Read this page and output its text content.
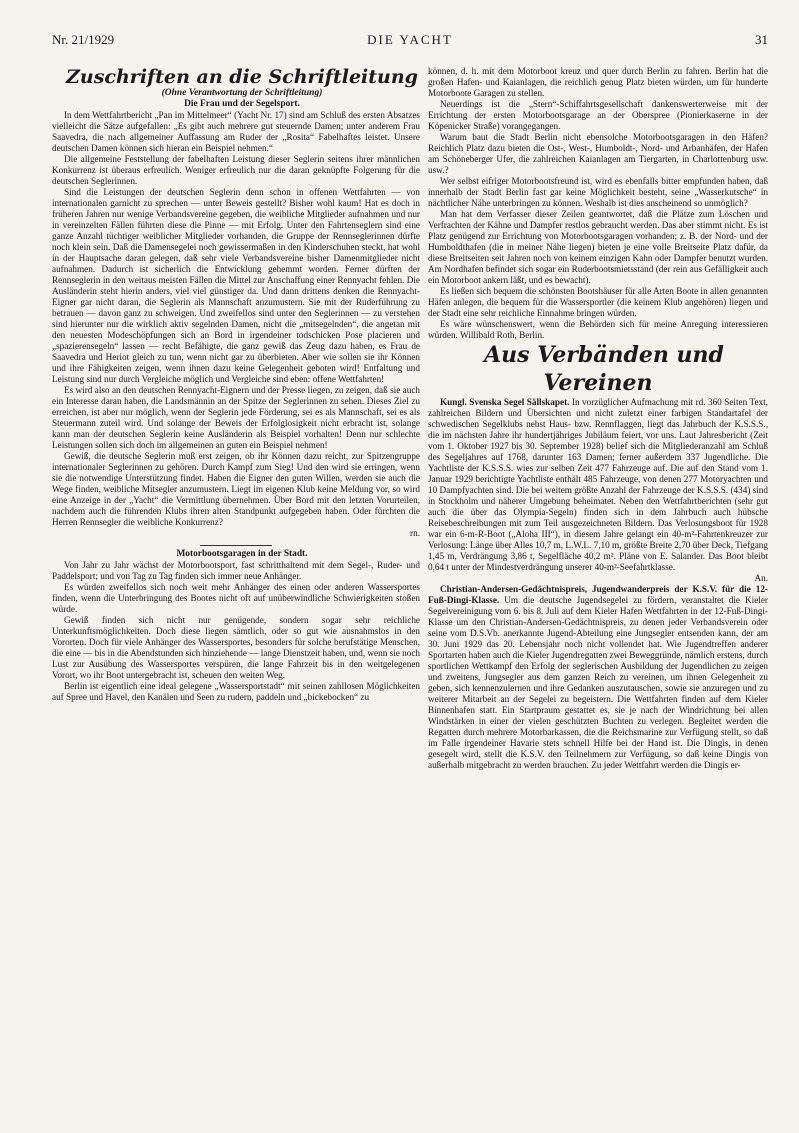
Nr. 21/1929	DIE YACHT	31

Zuschriften an die Schriftleitung

(Ohne Verantwortung der Schriftleitung)

Die Frau und der Segelsport.

In dem Wettfahrtbericht „Pan im Mittelmeer“ (Yacht Nr. 17) sind am Schluß des ersten Absatzes vielleicht die Sätze aufgefallen: „Es gibt auch mehrere gut steuernde Damen; unter anderem Frau Saavedra, die nach allgemeiner Auffassung am Ruder der „Rosita“ Fabelhaftes leistet. Unsere deutschen Damen können sich hieran ein Beispiel nehmen.“

Die allgemeine Feststellung der fabelhaften Leistung dieser Seglerin seitens ihrer männlichen Konkurrenz ist überaus erfreulich. Weniger erfreulich nur die daran geknüpfte Folgerung für die deutschen Seglerinnen.

Sind die Leistungen der deutschen Seglerin denn schon in offenen Wettfahrten — von internationalen garnicht zu sprechen — unter Beweis gestellt? Bisher wohl kaum! Hat es doch in früheren Jahren nur wenige Verbandsvereine gegeben, die weibliche Mitglieder aufnahmen und nur in vereinzelten Fällen führten diese die Pinne — mit Erfolg. Unter den Fahrtenseglern sind eine ganze Anzahl tüchtiger weiblicher Mitglieder vorhanden, die Gruppe der Rennseglerinnen dürfte noch klein sein. Daß die Damensegelei noch gewissermaßen in den Kinderschuhen steckt, hat wohl in der Hauptsache daran gelegen, daß sehr viele Verbandsvereine bisher Damenmitglieder nicht aufnahmen. Dadurch ist sicherlich die Entwicklung gehemmt worden. Ferner dürften der Rennseglerin in den weitaus meisten Fällen die Mittel zur Anschaffung einer Rennyacht fehlen. Die Ausländerin steht hierin anders, viel viel günstiger da. Und dann drittens denken die Rennyacht-Eigner gar nicht daran, die Seglerin als Mannschaft anzumustern. Sie mit der Ruderführung zu betrauen — davon ganz zu schweigen. Und zweifellos sind unter den Seglerinnen — zu verstehen sind hierunter nur die wirklich aktiv segelnden Damen, nicht die „mitsegelnden“, die angetan mit den neuesten Modeschöpfungen sich an Bord in irgendeiner todschicken Pose placieren und „spazierensegeln“ lassen — recht Befähigte, die ganz gewiß das Zeug dazu haben, es Frau de Saavedra und Heriot gleich zu tun, wenn nicht gar zu überbieten. Aber wie sollen sie ihr Können und ihre Fähigkeiten zeigen, wenn ihnen dazu keine Gelegenheit geboten wird! Entfaltung und Leistung sind nur durch Vergleiche möglich und Vergleiche sind eben: offene Wettfahrten!

Es wird also an den deutschen Rennyacht-Eignern und der Presse liegen, zu zeigen, daß sie auch ein Interesse daran haben, die Landsmännin an der Spitze der Seglerinnen zu sehen. Dieses Ziel zu erreichen, ist aber nur möglich, wenn der Seglerin jede Förderung, sei es als Mannschaft, sei es als Steuermann zuteil wird. Und solange der Beweis der Erfolglosigkeit nicht erbracht ist, solange kann man der deutschen Seglerin keine Ausländerin als Beispiel vorhalten! Denn nur schlechte Leistungen sollen sich doch im allgemeinen an guten ein Beispiel nehmen!

Gewiß, die deutsche Seglerin muß erst zeigen, ob ihr Können dazu reicht, zur Spitzengruppe internationaler Seglerinnen zu gehören. Durch Kampf zum Sieg! Und den wird sie erringen, wenn sie die notwendige Unterstützung findet. Haben die Eigner den guten Willen, werden sie auch die Wege finden, weibliche Mitsegler anzumustern. Liegt im eigenen Klub keine Meldung vor, so wird eine Anzeige in der „Yacht“ die Vermittlung übernehmen. Über Bord mit den letzten Vorurteilen, nachdem auch die führenden Klubs ihren alten Standpunkt aufgegeben haben. Oder fürchten die Herren Rennsegler die weibliche Konkurrenz?

rn.

Motorbootsgaragen in der Stadt.

Von Jahr zu Jahr wächst der Motorbootsport, fast schritthaltend mit dem Segel-, Ruder- und Paddelsport; und von Tag zu Tag finden sich immer neue Anhänger.

Es würden zweifellos sich noch weit mehr Anhänger des einen oder anderen Wassersportes finden, wenn die Unterbringung des Bootes nicht oft auf unüberwindliche Schwierigkeiten stoßen würde.

Gewiß finden sich nicht nur genügende, sondern sogar sehr reichliche Unterkunftsmöglichkeiten. Doch diese liegen sämtlich, oder so gut wie ausnahmslos in den Vororten. Doch für viele Anhänger des Wassersportes, besonders für solche berufstätige Menschen, die eine — bis in die Abendstunden sich hinziehende — lange Dienstzeit haben, und, wenn sie noch Lust zur Ausübung des Wassersportes verspüren, die lange Fahrzeit bis in den weitgelegenen Vorort, wo ihr Boot untergebracht ist, scheuen den weiten Weg.

Berlin ist eigentlich eine ideal gelegene „Wassersportstadt“ mit seinen zahllosen Möglichkeiten auf Spree und Havel, den Kanälen und Seen zu rudern, paddeln und „bickebocken“ zu

können, d. h. mit dem Motorboot kreuz und quer durch Berlin zu fahren. Berlin hat die großen Hafen- und Kaianlagen, die reichlich genug Platz bieten würden, um für hunderte Motorboote Garagen zu stellen.

Neuerdings ist die „Stern“-Schiffahrtsgesellschaft dankenswerterweise mit der Errichtung der ersten Motorbootsgarage an der Oberspree (Pionierkaserne in der Köpenicker Straße) vorangegangen.

Warum baut die Stadt Berlin nicht ebensolche Motorbootsgaragen in den Häfen? Reichlich Platz dazu bieten die Ost-, West-, Humboldt-, Nord- und Arbanhäfen, der Hafen am Schöneberger Ufer, die zahlreichen Kaianlagen am Tiergarten, in Charlottenburg usw. usw.?

Wer selbst eifriger Motorbootsfreund ist, wird es ebenfalls bitter empfunden haben, daß innerhalb der Stadt Berlin fast gar keine Möglichkeit besteht, seine „Wasserkutsche“ in nächtlicher Nähe unterbringen zu können. Weshalb ist dies anscheinend so unmöglich?

Man hat dem Verfasser dieser Zeilen geantwortet, daß die Plätze zum Löschen und Verfrachten der Kähne und Dampfer restlos gebraucht werden. Das aber stimmt nicht. Es ist Platz genügend zur Errichtung von Motorbootsgaragen vorhanden; z. B. der Nord- und der Humboldthafen (die in meiner Nähe liegen) bieten je eine volle Breitseite Platz dafür, da diese Breitseiten seit Jahren noch von keinem einzigen Kahn oder Dampfer benutzt wurden. Am Nordhafen befindet sich sogar ein Ruderbootsmietsstand (der rein aus Gefälligkeit auch ein Motorboot ankern läßt, und es bewacht).

Es ließen sich bequem die schönsten Bootshäuser für alle Arten Boote in allen genannten Häfen anlegen, die bequem für die Wassersportler (die keinem Klub angehören) liegen und der Stadt eine sehr reichliche Einnahme bringen würden.

Es wäre wünschenswert, wenn die Behörden sich für meine Anregung interessieren würden. Willibald Roth, Berlin.

Aus Verbänden und Vereinen

Kungl. Svenska Segel Sällskapet. In vorzüglicher Aufmachung mit rd. 360 Seiten Text, zahlreichen Bildern und Übersichten und nicht zuletzt einer farbigen Standartafel der schwedischen Segelklubs nebst Haus- bzw. Rennflaggen, liegt das Jahrbuch der K.S.S.S., die im nächsten Jahre ihr hundertjähriges Jubiläum feiert, vor uns. Laut Jahresbericht (Zeit vom 1. Oktober 1927 bis 30. September 1928) belief sich die Mitgliederanzahl am Schluß des Segeljahres auf 1768, darunter 163 Damen; ferner außerdem 337 Jugendliche. Die Yachtliste der K.S.S.S. wies zur selben Zeit 477 Fahrzeuge auf. Die auf den Stand vom 1. Januar 1929 berichtigte Yachtliste enthält 485 Fahrzeuge, von denen 277 Motoryachten und 10 Dampfyachten sind. Die bei weitem größte Anzahl der Fahrzeuge der K.S.S.S. (434) sind in Stockholm und näherer Umgebung beheimatet. Neben den Wettfahrtberichten (sehr gut auch die über das Olympia-Segeln) finden sich in dem Jahrbuch auch hübsche Reisebeschreibungen mit zum Teil ausgezeichneten Bildern. Das Verlosungsboot für 1928 war ein 6-m-R-Boot („Aloha III“), in diesem Jahre gelangt ein 40-m²-Fahrtenkreuzer zur Verlosung: Länge über Alles 10,7 m, L.W.L. 7,10 m, größte Breite 2,70 über Deck, Tiefgang 1,45 m, Verdrängung 3,86 t, Segelfläche 40,2 m². Pläne von E. Salander. Das Boot bleibt 0,64 t unter der Mindestverdrängung unserer 40-m²-Seefahrtklasse.

An.

Christian-Andersen-Gedächtnispreis, Jugendwanderpreis der K.S.V. für die 12-Fuß-Dingi-Klasse. Um die deutsche Jugendsegelei zu fördern, veranstaltet die Kieler Segelvereinigung vom 6. bis 8. Juli auf dem Kieler Hafen Wettfahrten in der 12-Fuß-Dingi-Klasse um den Christian-Andersen-Gedächtnispreis, zu denen jeder Verbandsverein oder seine vom D.S.Vb. anerkannte Jugend-Abteilung eine Jungsegler entsenden kann, der am 30. Juni 1929 das 20. Lebensjahr noch nicht vollendet hat. Wie Jugendtreffen anderer Sportarten haben auch die Kieler Jugendregatten zwei Beweggründe, nämlich erstens, durch sportlichen Wettkampf den Erfolg der seglerischen Ausbildung der Jugendlichen zu zeigen und zweitens, Jungsegler aus dem ganzen Reich zu vereinen, um ihnen Gelegenheit zu geben, sich kennenzulernen und ihre Gedanken auszutauschen, sowie sie anzuregen und zu weiterer Mitarbeit an der Segelei zu begeistern. Die Wettfahrten finden auf dem Kieler Binnenhafen statt. Ein Startpraum gestattet es, sie je nach der Windrichtung bei allen Windstärken in einer der vielen geschützten Buchten zu verlegen. Begleitet werden die Regatten durch mehrere Motorbarkassen, die die Reichsmarine zur Verfügung stellt, so daß im Falle irgendeiner Havarie stets schnell Hilfe bei der Hand ist. Die Dingis, in denen gesegelt wird, stellt die K.S.V. den Teilnehmern zur Verfügung, so daß keine Dingis von außerhalb mitgebracht zu werden brauchen. Zu jeder Wettfahrt werden die Dingis er-
